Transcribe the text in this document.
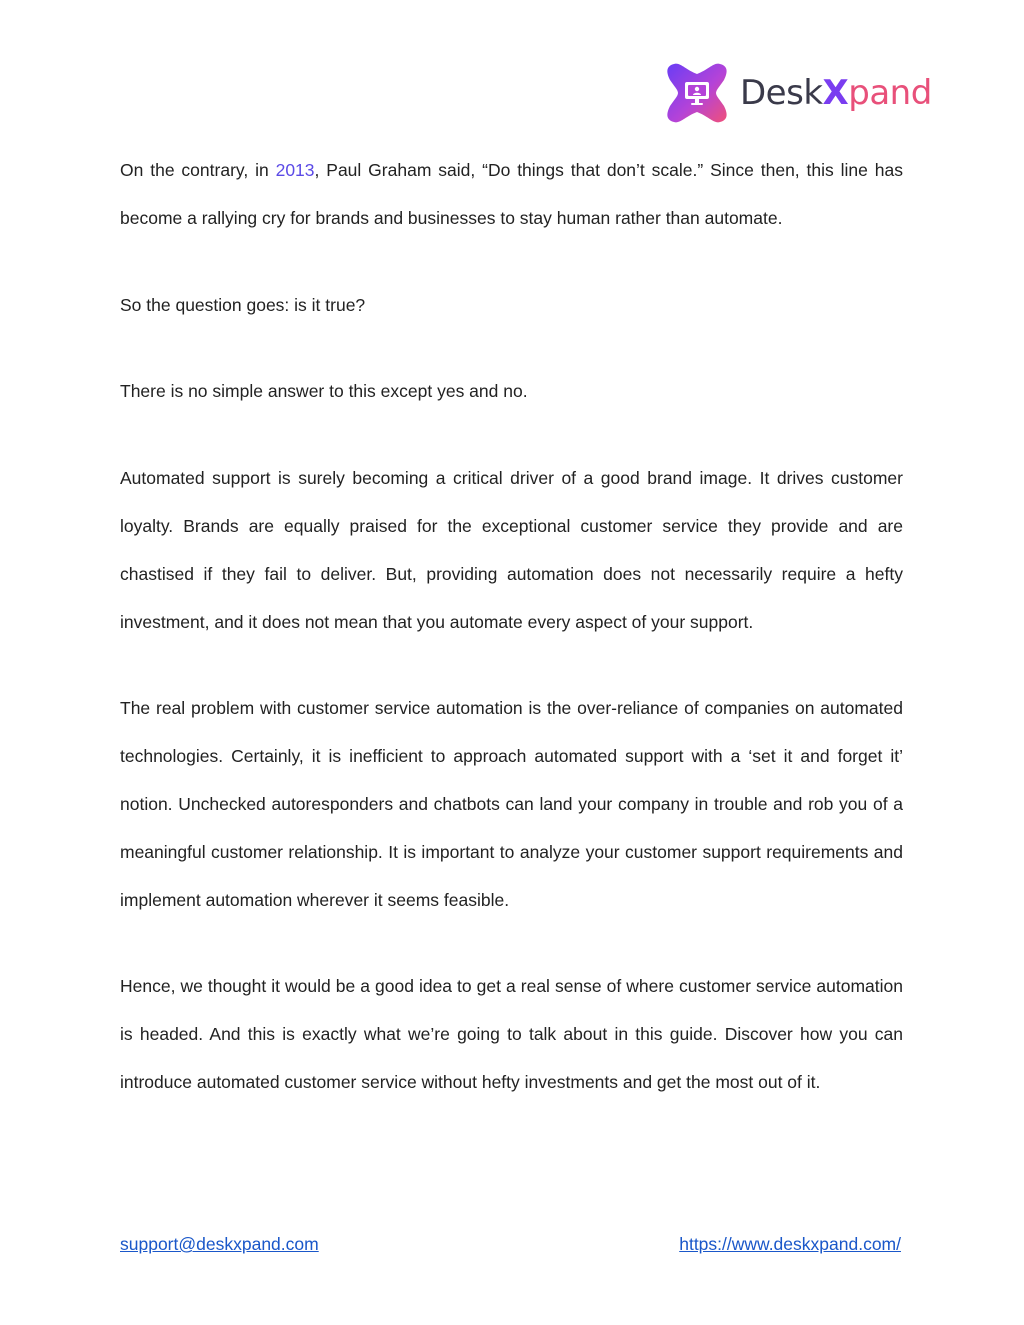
DeskXpand

On the contrary, in 2013, Paul Graham said, “Do things that don’t scale.” Since then, this line has become a rallying cry for brands and businesses to stay human rather than automate.

So the question goes: is it true?

There is no simple answer to this except yes and no.

Automated support is surely becoming a critical driver of a good brand image. It drives customer loyalty. Brands are equally praised for the exceptional customer service they provide and are chastised if they fail to deliver. But, providing automation does not necessarily require a hefty investment, and it does not mean that you automate every aspect of your support.

The real problem with customer service automation is the over-reliance of companies on automated technologies. Certainly, it is inefficient to approach automated support with a ‘set it and forget it’ notion. Unchecked autoresponders and chatbots can land your company in trouble and rob you of a meaningful customer relationship. It is important to analyze your customer support requirements and implement automation wherever it seems feasible.

Hence, we thought it would be a good idea to get a real sense of where customer service automation is headed. And this is exactly what we’re going to talk about in this guide. Discover how you can introduce automated customer service without hefty investments and get the most out of it.

support@deskxpand.com	https://www.deskxpand.com/
